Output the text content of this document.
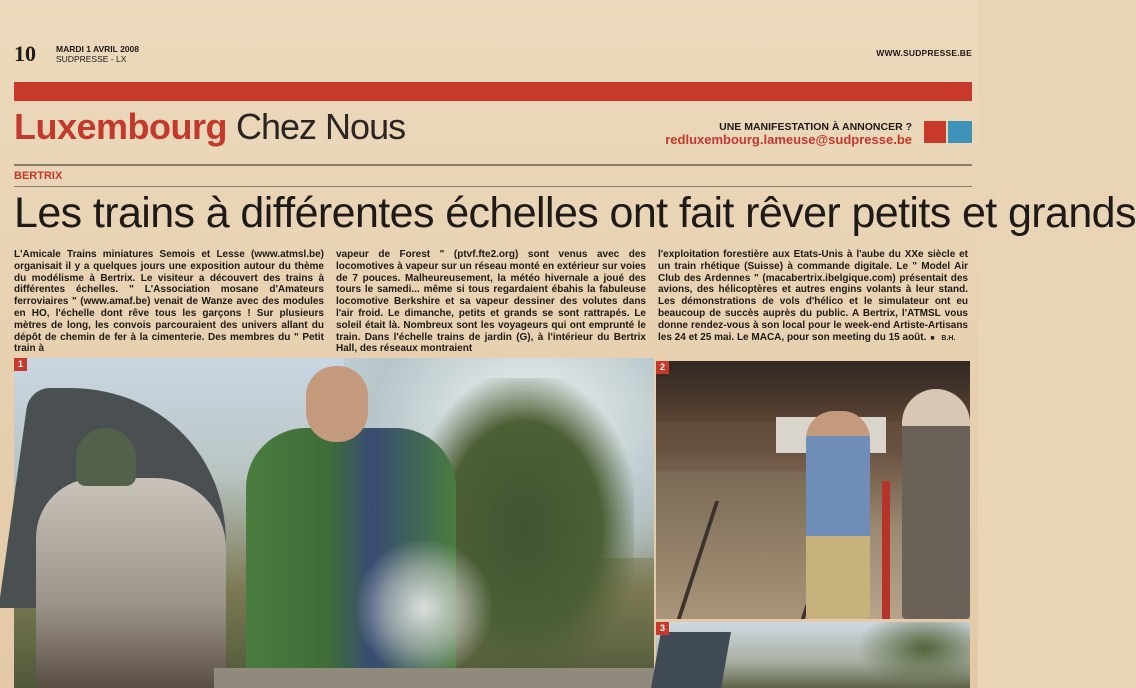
10 MARDI 1 AVRIL 2008
SUDPRESSE - LX
WWW.SUDPRESSE.BE
Luxembourg Chez Nous	UNE MANIFESTATION À ANNONCER ?
redluxembourg.lameuse@sudpresse.be
BERTRIX
Les trains à différentes échelles ont fait rêver petits et grands
L'Amicale Trains miniatures Semois et Lesse (www.atmsl.be) organisait il y a quelques jours une exposition autour du thème du modélisme à Bertrix. Le visiteur a découvert des trains à différentes échelles. " L'Association mosane d'Amateurs ferroviaires " (www.amaf.be) venait de Wanze avec des modules en HO, l'échelle dont rêve tous les garçons ! Sur plusieurs mètres de long, les convois parcouraient des univers allant du dépôt de chemin de fer à la cimenterie. Des membres du " Petit train à
vapeur de Forest " (ptvf.fte2.org) sont venus avec des locomotives à vapeur sur un réseau monté en extérieur sur voies de 7 pouces. Malheureusement, la météo hivernale a joué des tours le samedi... même si tous regardaient ébahis la fabuleuse locomotive Berkshire et sa vapeur dessiner des volutes dans l'air froid. Le dimanche, petits et grands se sont rattrapés. Le soleil était là. Nombreux sont les voyageurs qui ont emprunté le train. Dans l'échelle trains de jardin (G), à l'intérieur du Bertrix Hall, des réseaux montraient
l'exploitation forestière aux Etats-Unis à l'aube du XXe siècle et un train rhétique (Suisse) à commande digitale. Le " Model Air Club des Ardennes " (macabertrix.ibelgique.com) présentait des avions, des hélicoptères et autres engins volants à leur stand. Les démonstrations de vols d'hélico et le simulateur ont eu beaucoup de succès auprès du public. A Bertrix, l'ATMSL vous donne rendez-vous à son local pour le week-end Artiste-Artisans les 24 et 25 mai. Le MACA, pour son meeting du 15 août. ■ B.H.
1	2
3
